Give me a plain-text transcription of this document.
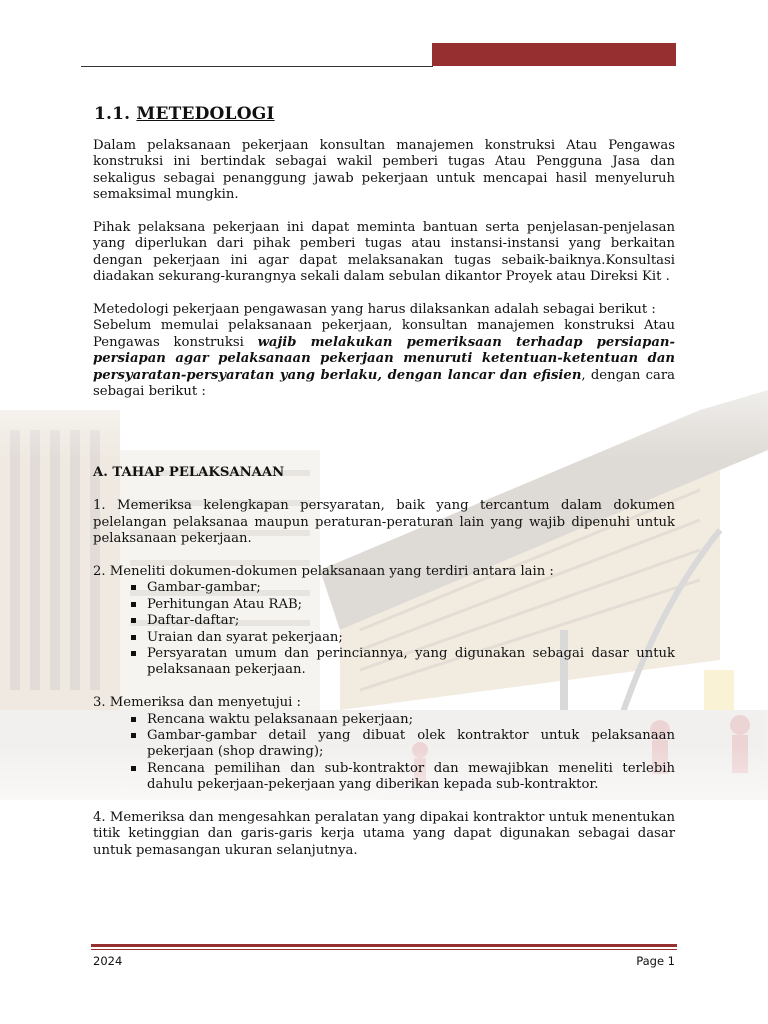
1.1. METEDOLOGI

Dalam pelaksanaan pekerjaan konsultan manajemen konstruksi Atau Pengawas konstruksi ini bertindak sebagai wakil pemberi tugas Atau Pengguna Jasa dan sekaligus sebagai penanggung jawab pekerjaan untuk mencapai hasil menyeluruh semaksimal mungkin.

Pihak pelaksana pekerjaan ini dapat meminta bantuan serta penjelasan-penjelasan yang diperlukan dari pihak pemberi tugas atau instansi-instansi yang berkaitan dengan pekerjaan ini agar dapat melaksanakan tugas sebaik-baiknya.Konsultasi diadakan sekurang-kurangnya sekali dalam sebulan dikantor Proyek atau Direksi Kit .

Metedologi pekerjaan pengawasan yang harus dilaksankan adalah sebagai berikut :

Sebelum memulai pelaksanaan pekerjaan, konsultan manajemen konstruksi Atau Pengawas konstruksi wajib melakukan pemeriksaan terhadap persiapan-persiapan agar pelaksanaan pekerjaan menuruti ketentuan-ketentuan dan persyaratan-persyaratan yang berlaku, dengan lancar dan efisien, dengan cara sebagai berikut :

A. TAHAP PELAKSANAAN

1. Memeriksa kelengkapan persyaratan, baik yang tercantum dalam dokumen pelelangan pelaksanaa maupun peraturan-peraturan lain yang wajib dipenuhi untuk pelaksanaan pekerjaan.

2. Meneliti dokumen-dokumen pelaksanaan yang terdiri antara lain :

Gambar-gambar;
Perhitungan Atau RAB;
Daftar-daftar;
Uraian dan syarat pekerjaan;
Persyaratan umum dan perinciannya, yang digunakan sebagai dasar untuk pelaksanaan pekerjaan.

3. Memeriksa dan menyetujui :

Rencana waktu pelaksanaan pekerjaan;
Gambar-gambar detail yang dibuat olek kontraktor untuk pelaksanaan pekerjaan (shop drawing);
Rencana pemilihan dan sub-kontraktor dan mewajibkan meneliti terlebih dahulu pekerjaan-pekerjaan yang diberikan kepada sub-kontraktor.

4. Memeriksa dan mengesahkan peralatan yang dipakai kontraktor untuk menentukan titik ketinggian dan garis-garis kerja utama yang dapat digunakan sebagai dasar untuk pemasangan ukuran selanjutnya.

2024	Page 1
